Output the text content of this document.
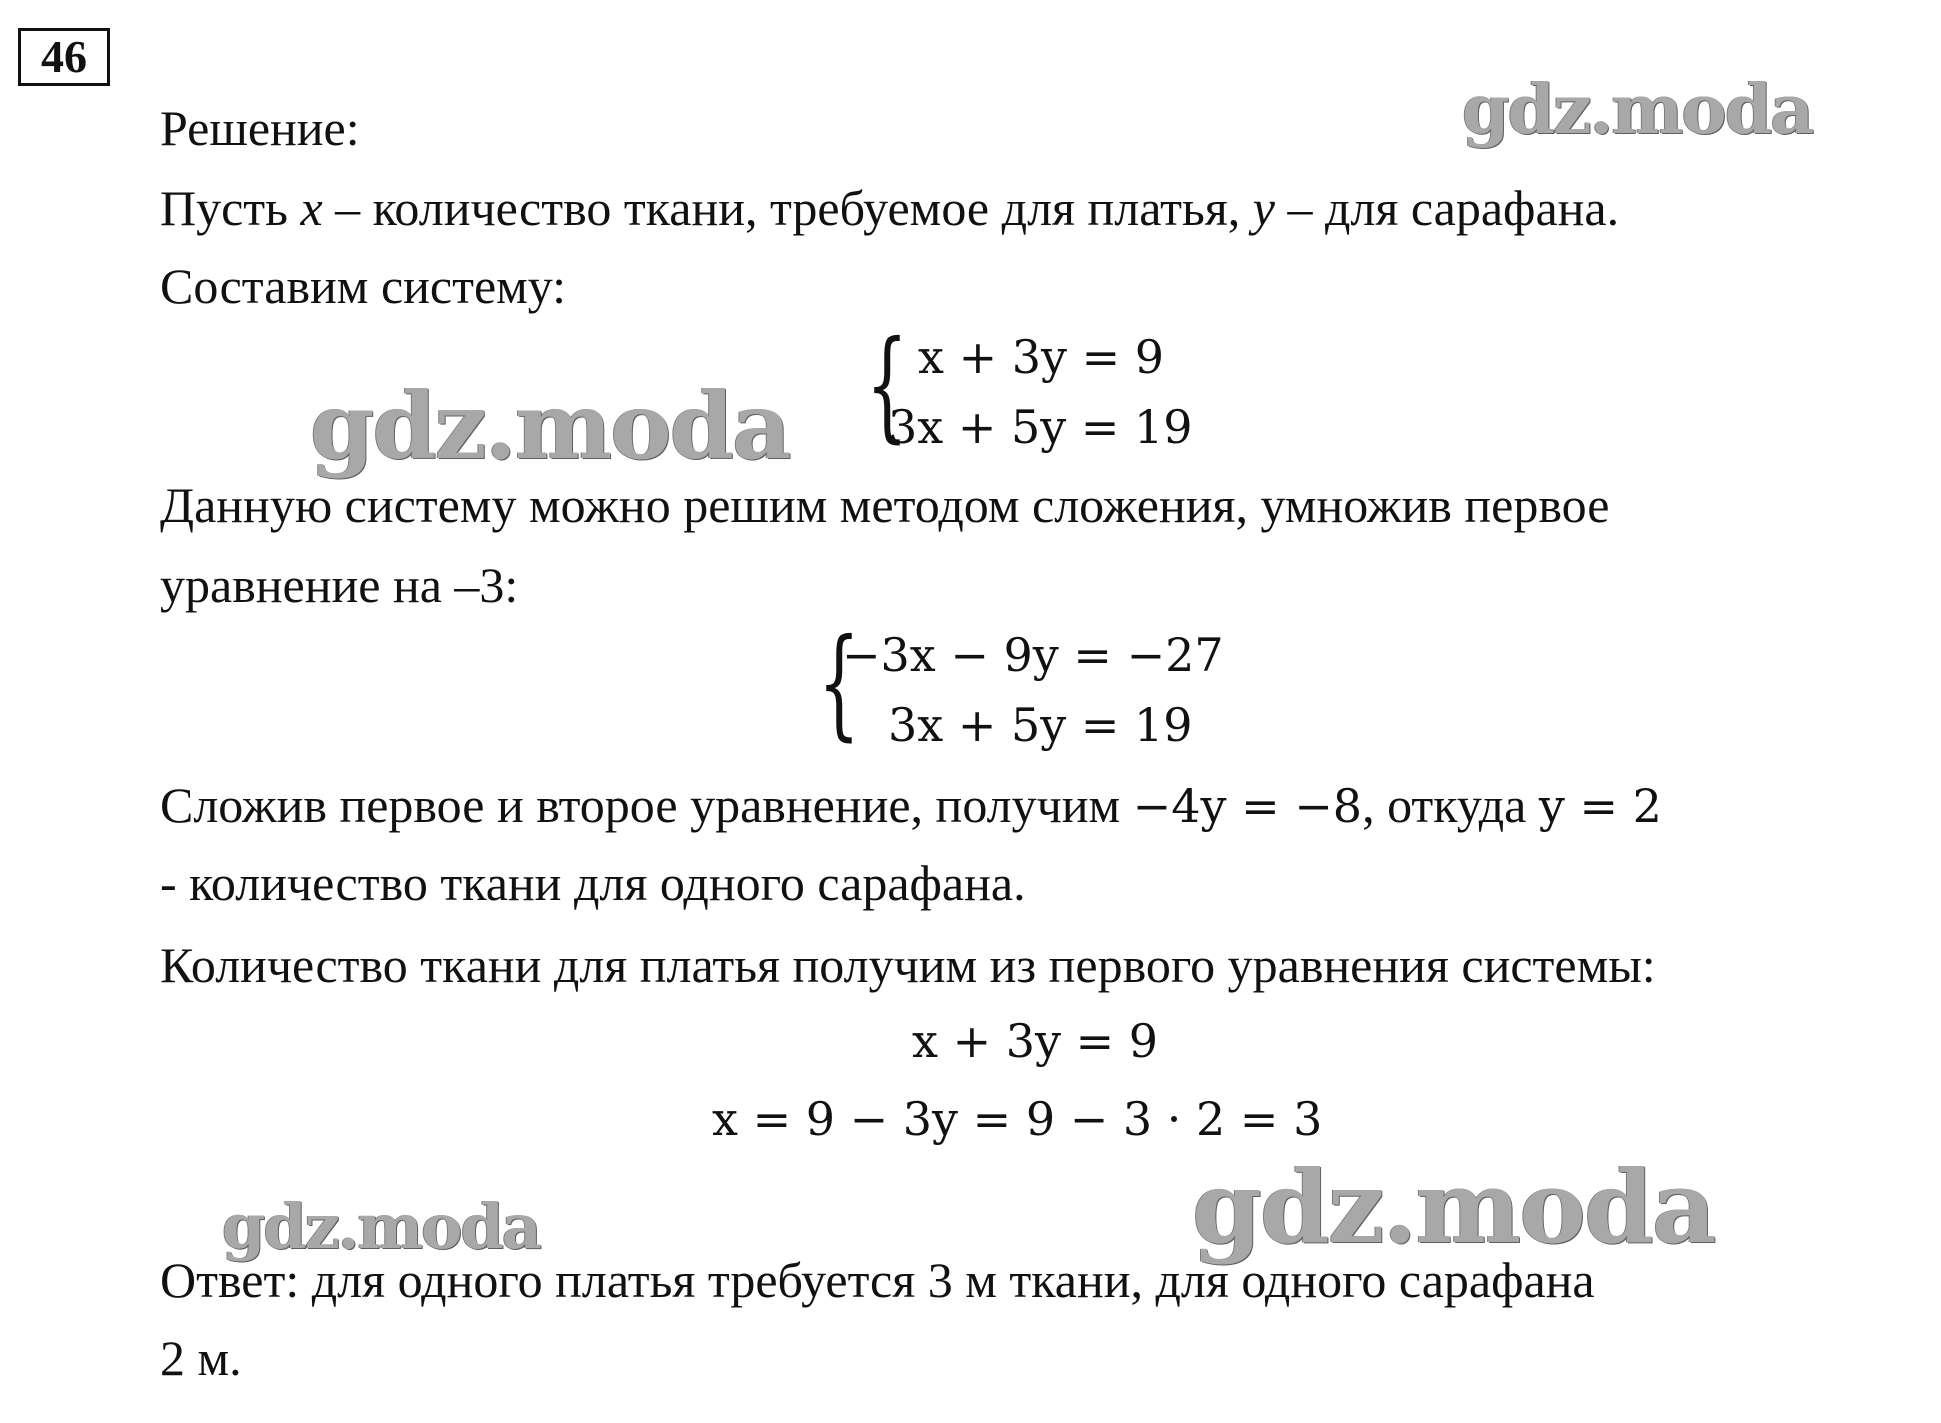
46
gdz.moda
gdz.moda
gdz.moda	gdz.moda
Решение:
Пусть x – количество ткани, требуемое для платья, y – для сарафана.
Составим систему:
{ x + 3y = 9
3x + 5y = 19
Данную систему можно решим методом сложения, умножив первое
уравнение на –3:
{
−3x − 9y = −27
3x + 5y = 19
Сложив первое и второе уравнение, получим −4y = −8, откуда y = 2
- количество ткани для одного сарафана.
Количество ткани для платья получим из первого уравнения системы:
x + 3y = 9
x = 9 − 3y = 9 − 3 · 2 = 3
Ответ: для одного платья требуется 3 м ткани, для одного сарафана
2 м.
